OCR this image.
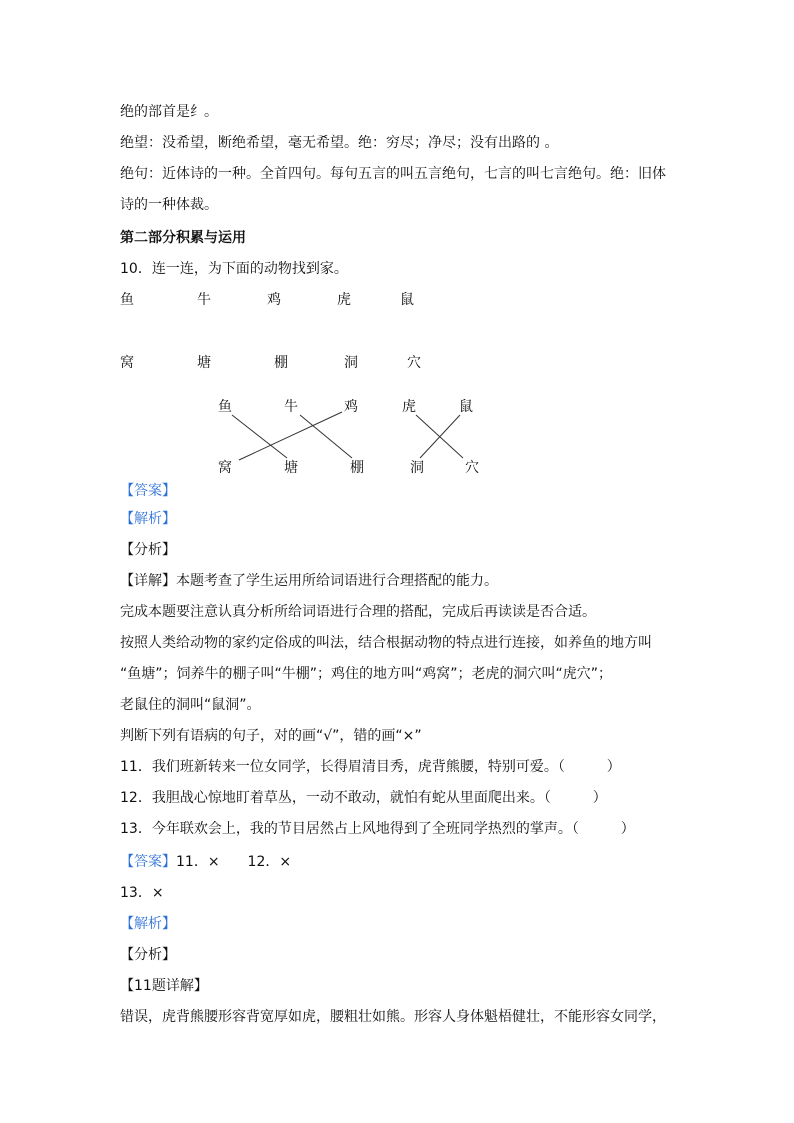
绝的部首是纟。
绝望：没希望，断绝希望，毫无希望。绝：穷尽；净尽；没有出路的 。
绝句：近体诗的一种。全首四句。每句五言的叫五言绝句，七言的叫七言绝句。绝：旧体
诗的一种体裁。
第二部分积累与运用
10．连一连，为下面的动物找到家。
鱼	牛	鸡	虎	鼠
窝	塘	棚	洞	穴
鱼	牛	鸡	虎	鼠
窝	塘	棚	洞	穴
【答案】
【解析】
【分析】
【详解】本题考查了学生运用所给词语进行合理搭配的能力。
完成本题要注意认真分析所给词语进行合理的搭配，完成后再读读是否合适。
按照人类给动物的家约定俗成的叫法，结合根据动物的特点进行连接，如养鱼的地方叫
“鱼塘”；饲养牛的棚子叫“牛棚”；鸡住的地方叫“鸡窝”；老虎的洞穴叫“虎穴”；
老鼠住的洞叫“鼠洞”。
判断下列有语病的句子，对的画“√”，错的画“×”
11．我们班新转来一位女同学，长得眉清目秀，虎背熊腰，特别可爱。（　　　）
12．我胆战心惊地盯着草丛，一动不敢动，就怕有蛇从里面爬出来。（　　　）
13．今年联欢会上，我的节目居然占上风地得到了全班同学热烈的掌声。（　　　）
【答案】11．× 12．×
13．×
【解析】
【分析】
【11题详解】
错误，虎背熊腰形容背宽厚如虎，腰粗壮如熊。形容人身体魁梧健壮，不能形容女同学，
